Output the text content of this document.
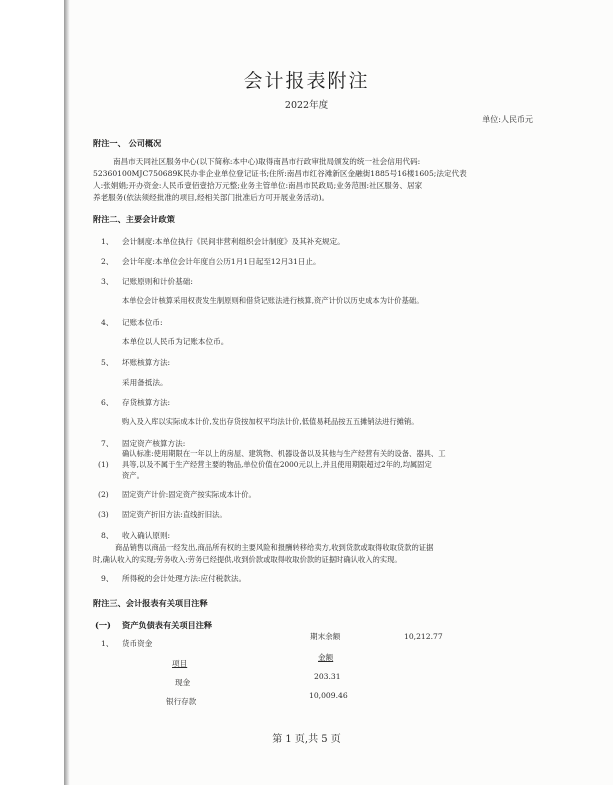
会计报表附注
2022年度
单位:人民币元
附注一、 公司概况
南昌市天同社区服务中心(以下简称:本中心)取得南昌市行政审批局颁发的统一社会信用代码:
52360100MJC750689K民办非企业单位登记证书;住所:南昌市红谷滩新区金融街1885号16楼1605;法定代表
人:张娟娟;开办资金:人民币壹佰壹拾万元整;业务主管单位:南昌市民政局;业务范围:社区服务、居家
养老服务(依法须经批准的项目,经相关部门批准后方可开展业务活动)。
附注二、主要会计政策
1、 会计制度:本单位执行《民间非营利组织会计制度》及其补充规定。
2、 会计年度:本单位会计年度自公历1月1日起至12月31日止。
3、 记账原则和计价基础:
本单位会计核算采用权责发生制原则和借贷记账法进行核算,资产计价以历史成本为计价基础。
4、 记账本位币:
本单位以人民币为记账本位币。
5、 坏账核算方法:
采用备抵法。
6、 存货核算方法:
购入及入库以实际成本计价,发出存货按加权平均法计价,低值易耗品按五五摊销法进行摊销。
7、 固定资产核算方法:
确认标准:使用期限在一年以上的房屋、建筑物、机器设备以及其他与生产经营有关的设备、器具、工
(1) 具等,以及不属于生产经营主要的物品,单位价值在2000元以上,并且使用期限超过2年的,均属固定
资产。
(2) 固定资产计价:固定资产按实际成本计价。
(3) 固定资产折旧方法:直线折旧法。
8、 收入确认原则:
商品销售以商品一经发出,商品所有权的主要风险和报酬转移给卖方,收到货款或取得收取货款的证据
时,确认收入的实现;劳务收入:劳务已经提供,收到价款或取得收取价款的证据时确认收入的实现。
9、 所得税的会计处理方法:应付税款法。
附注三、会计报表有关项目注释
(一) 资产负债表有关项目注释
期末余额	10,212.77
1、 货币资金
项目
金额
现金
203.31
银行存款
10,009.46
第 1 页,共 5 页
